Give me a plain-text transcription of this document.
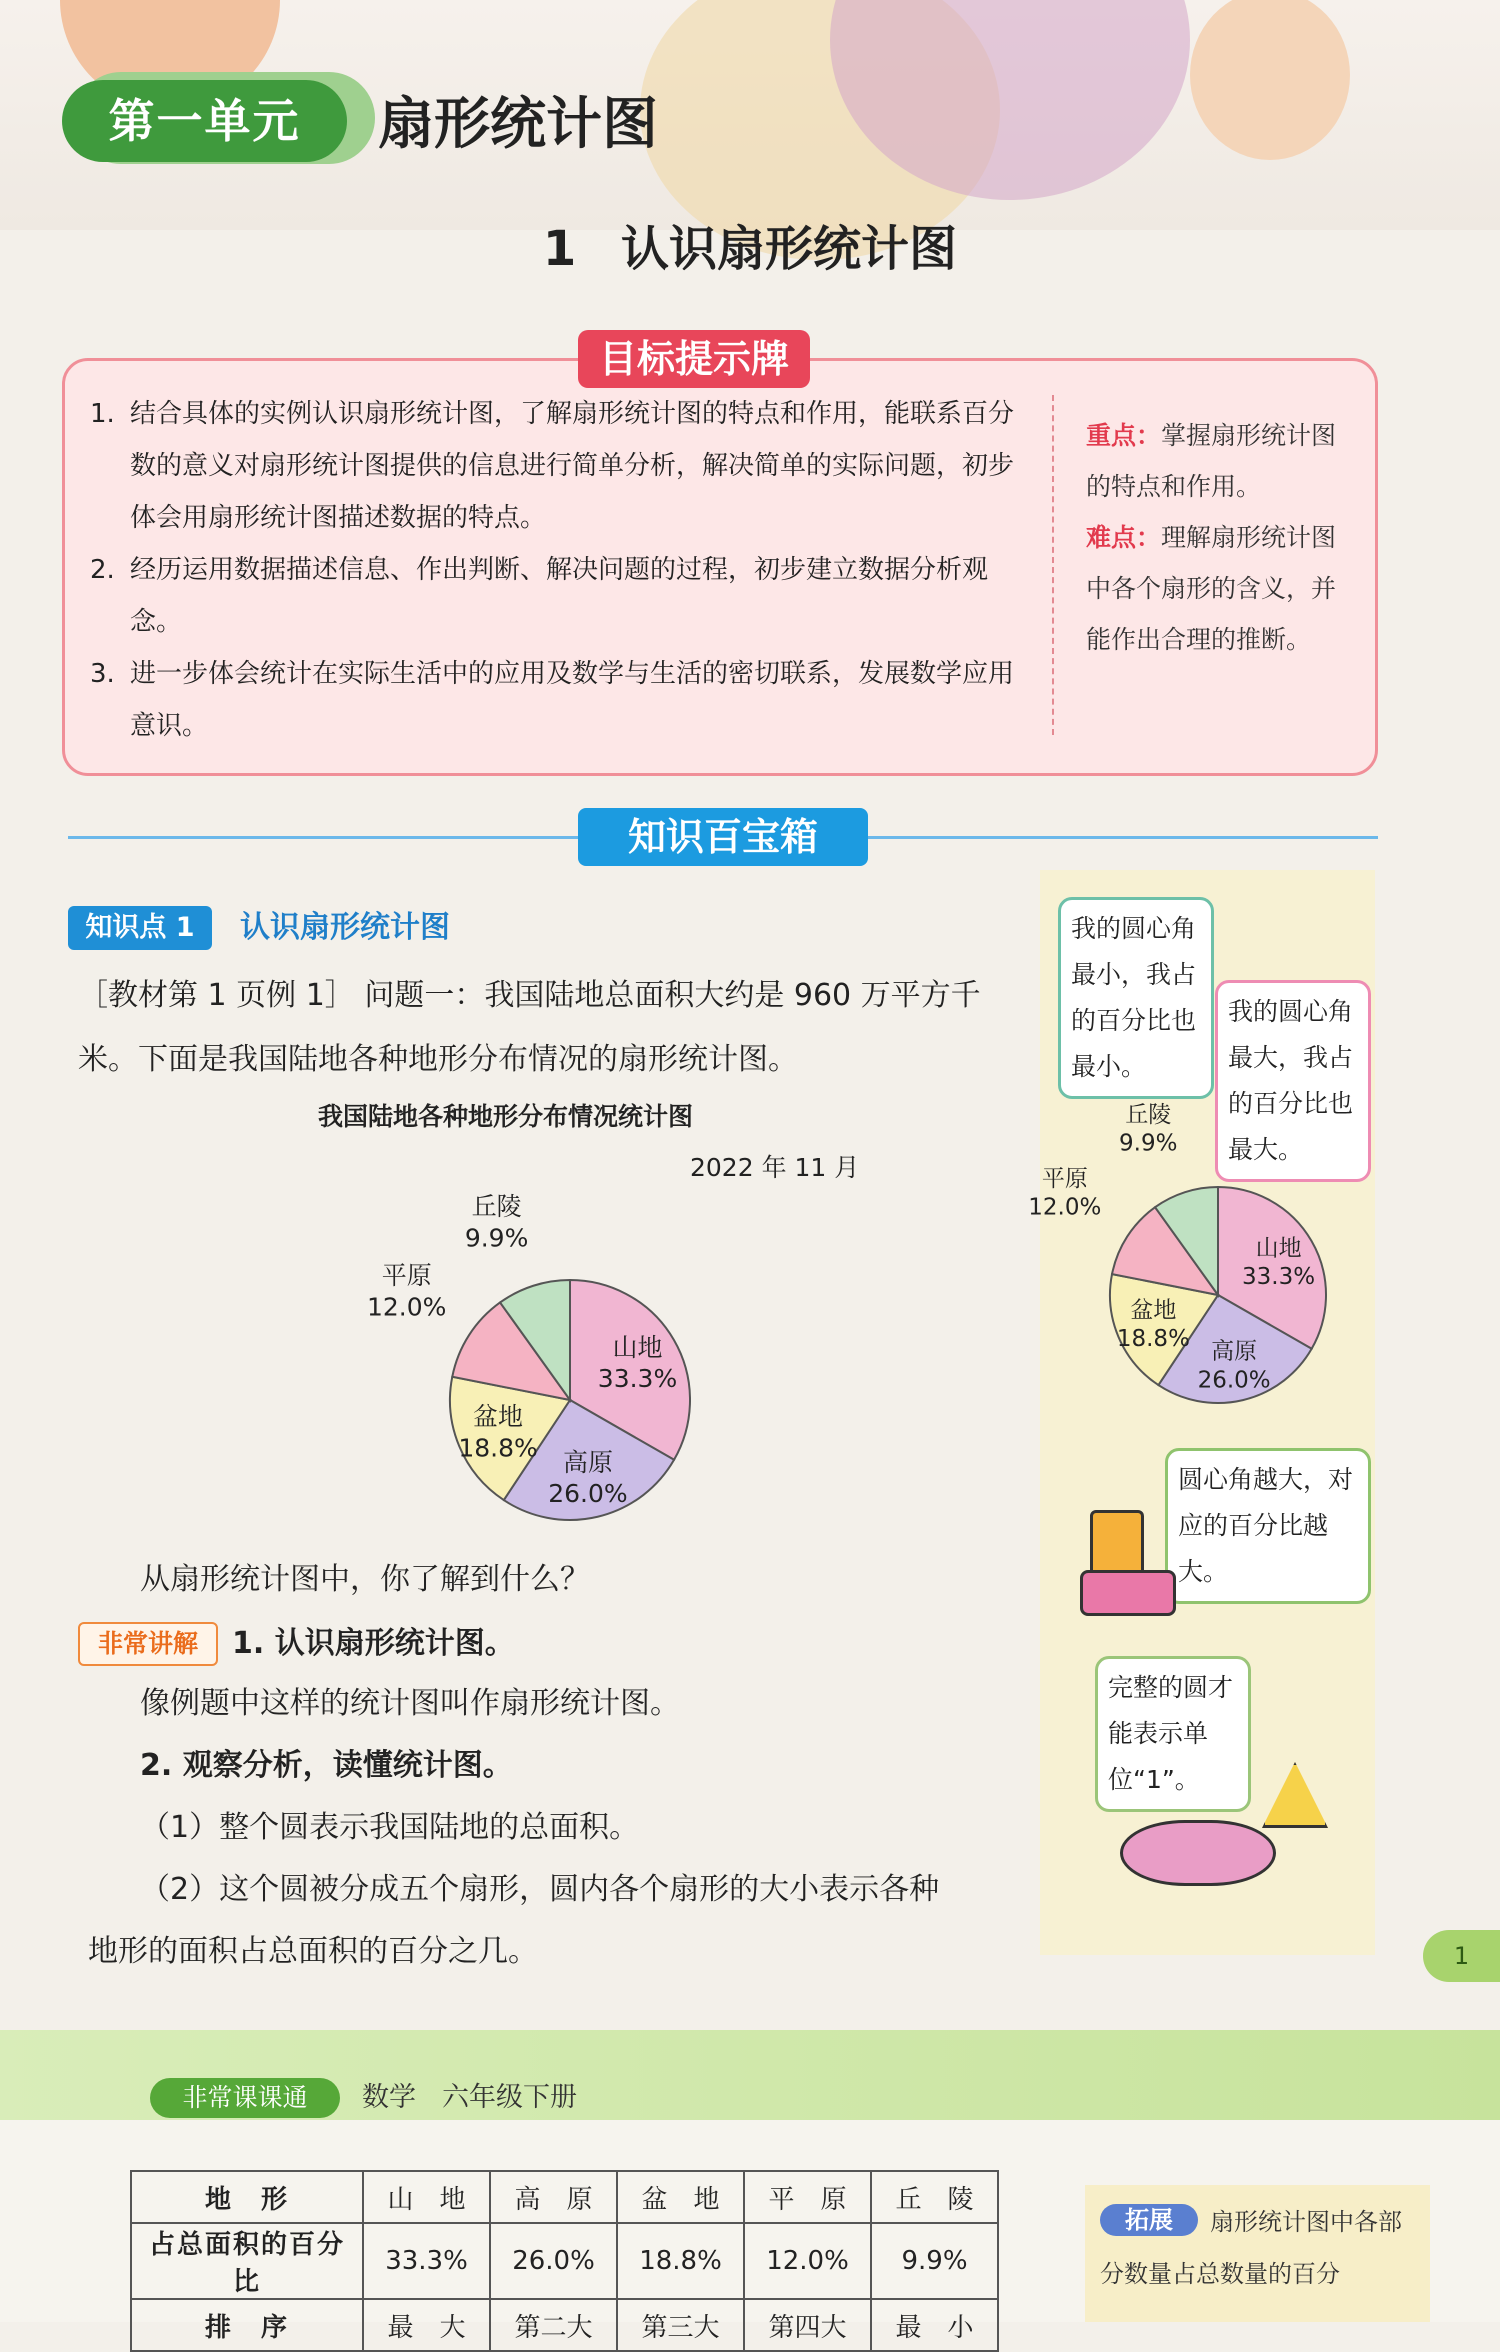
第一单元	扇形统计图
1 认识扇形统计图
目标提示牌
1. 结合具体的实例认识扇形统计图，了解扇形统计图的特点和作用，能联系百分数的意义对扇形统计图提供的信息进行简单分析，解决简单的实际问题，初步体会用扇形统计图描述数据的特点。
2. 经历运用数据描述信息、作出判断、解决问题的过程，初步建立数据分析观念。
3. 进一步体会统计在实际生活中的应用及数学与生活的密切联系，发展数学应用意识。
重点：掌握扇形统计图的特点和作用。
难点：理解扇形统计图中各个扇形的含义，并能作出合理的推断。
知识百宝箱
知识点 1	认识扇形统计图
［教材第 1 页例 1］ 问题一：我国陆地总面积大约是 960 万平方千
米。下面是我国陆地各种地形分布情况的扇形统计图。
我国陆地各种地形分布情况统计图
2022 年 11 月
山地
33.3%
高原
26.0%
盆地
18.8%
平原
12.0%
丘陵
9.9%	山地
33.3%
高原
26.0%
盆地
18.8%
平原
12.0%
丘陵
9.9%
我的圆心角最小，我占的百分比也最小。
我的圆心角最大，我占的百分比也最大。
圆心角越大，对应的百分比越大。
完整的圆才能表示单位“1”。
从扇形统计图中，你了解到什么？
非常讲解	1. 认识扇形统计图。
像例题中这样的统计图叫作扇形统计图。
2. 观察分析，读懂统计图。
（1）整个圆表示我国陆地的总面积。
（2）这个圆被分成五个扇形，圆内各个扇形的大小表示各种
地形的面积占总面积的百分之几。	1
非常课课通	数学 六年级下册
地　形	山　地	高　原	盆　地	平　原	丘　陵
占总面积的百分比	33.3%	26.0%	18.8%	12.0%	9.9%
排　序	最　大	第二大	第三大	第四大	最　小
扇形统计图中各部分数量占总数量的百分
拓展
